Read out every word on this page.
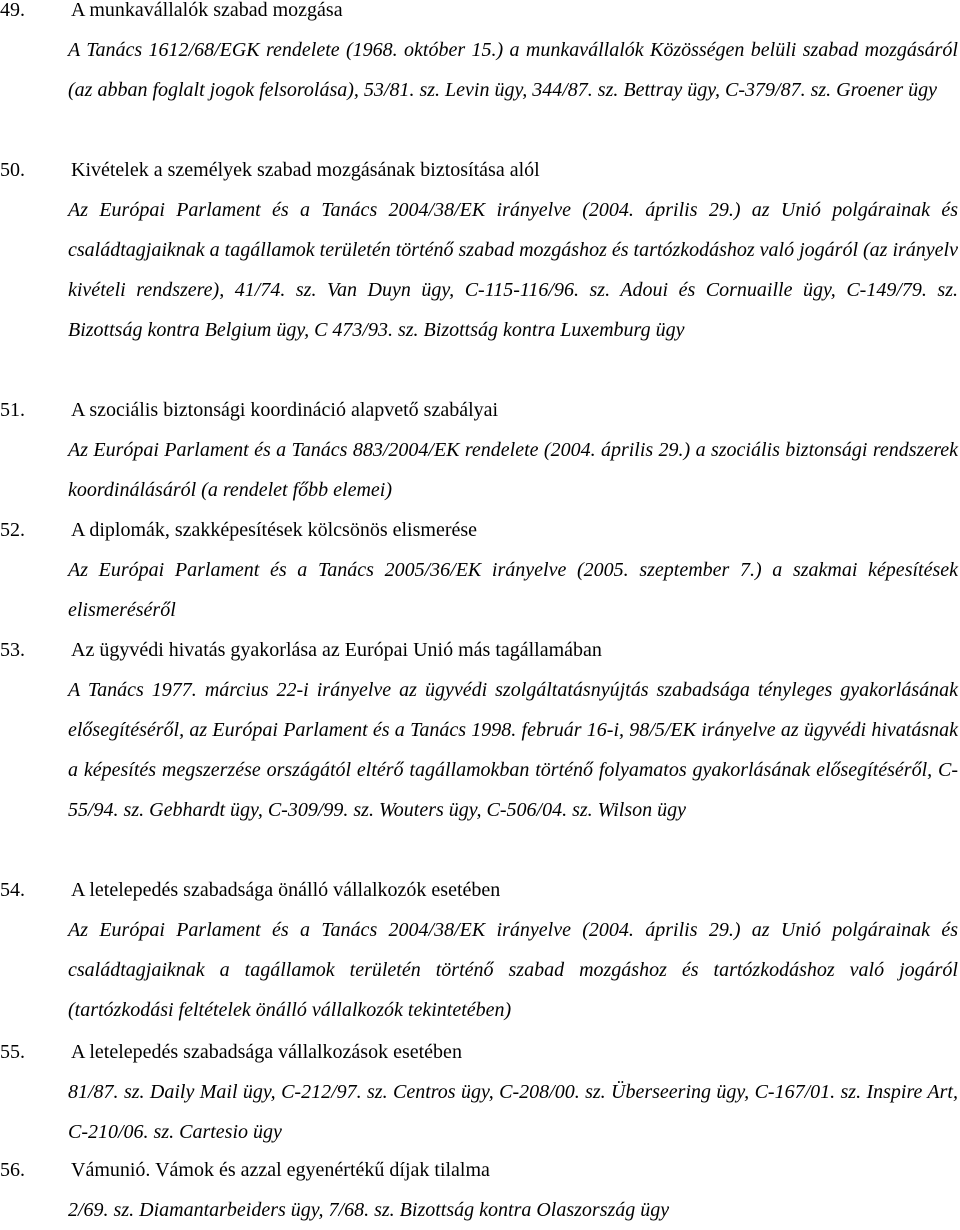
49. A munkavállalók szabad mozgása
A Tanács 1612/68/EGK rendelete (1968. október 15.) a munkavállalók Közösségen belüli szabad mozgásáról (az abban foglalt jogok felsorolása), 53/81. sz. Levin ügy, 344/87. sz. Bettray ügy, C-379/87. sz. Groener ügy
50. Kivételek a személyek szabad mozgásának biztosítása alól
Az Európai Parlament és a Tanács 2004/38/EK irányelve (2004. április 29.) az Unió polgárainak és családtagjaiknak a tagállamok területén történő szabad mozgáshoz és tartózkodáshoz való jogáról (az irányelv kivételi rendszere), 41/74. sz. Van Duyn ügy, C-115-116/96. sz. Adoui és Cornuaille ügy, C-149/79. sz. Bizottság kontra Belgium ügy, C 473/93. sz. Bizottság kontra Luxemburg ügy
51. A szociális biztonsági koordináció alapvető szabályai
Az Európai Parlament és a Tanács 883/2004/EK rendelete (2004. április 29.) a szociális biztonsági rendszerek koordinálásáról (a rendelet főbb elemei)
52. A diplomák, szakképesítések kölcsönös elismerése
Az Európai Parlament és a Tanács 2005/36/EK irányelve (2005. szeptember 7.) a szakmai képesítések elismeréséről
53. Az ügyvédi hivatás gyakorlása az Európai Unió más tagállamában
A Tanács 1977. március 22-i irányelve az ügyvédi szolgáltatásnyújtás szabadsága tényleges gyakorlásának elősegítéséről, az Európai Parlament és a Tanács 1998. február 16-i, 98/5/EK irányelve az ügyvédi hivatásnak a képesítés megszerzése országától eltérő tagállamokban történő folyamatos gyakorlásának elősegítéséről, C-55/94. sz. Gebhardt ügy, C-309/99. sz. Wouters ügy, C-506/04. sz. Wilson ügy
54. A letelepedés szabadsága önálló vállalkozók esetében
Az Európai Parlament és a Tanács 2004/38/EK irányelve (2004. április 29.) az Unió polgárainak és családtagjaiknak a tagállamok területén történő szabad mozgáshoz és tartózkodáshoz való jogáról (tartózkodási feltételek önálló vállalkozók tekintetében)
55. A letelepedés szabadsága vállalkozások esetében
81/87. sz. Daily Mail ügy, C-212/97. sz. Centros ügy, C-208/00. sz. Überseering ügy, C-167/01. sz. Inspire Art, C-210/06. sz. Cartesio ügy
56. Vámunió. Vámok és azzal egyenértékű díjak tilalma
2/69. sz. Diamantarbeiders ügy, 7/68. sz. Bizottság kontra Olaszország ügy
